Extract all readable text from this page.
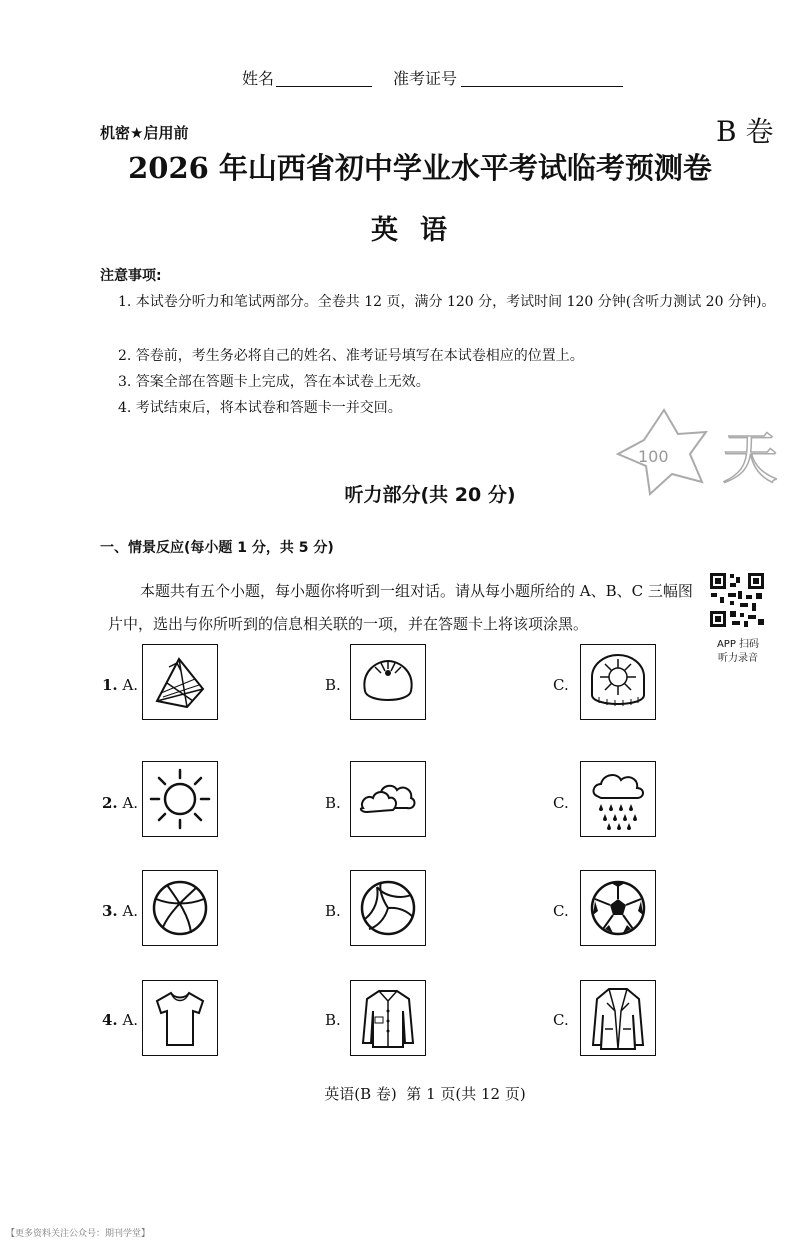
姓名	准考证号
机密★启用前	B 卷
2026 年山西省初中学业水平考试临考预测卷
英语
注意事项:
1. 本试卷分听力和笔试两部分。全卷共 12 页，满分 120 分，考试时间 120 分钟(含听力测试 20 分钟)。
2. 答卷前，考生务必将自己的姓名、准考证号填写在本试卷相应的位置上。
3. 答案全部在答题卡上完成，答在本试卷上无效。
4. 考试结束后，将本试卷和答题卡一并交回。
100 天
听力部分(共 20 分)
一、情景反应(每小题 1 分，共 5 分)
本题共有五个小题，每小题你将听到一组对话。请从每小题所给的 A、B、C 三幅图片中，选出与你所听到的信息相关联的一项，并在答题卡上将该项涂黑。
APP 扫码
听力录音
1. A.	B.	C.
2. A.	B.	C.
3. A.	B.	C.
4. A.	B.	C.
英语(B 卷)  第 1 页(共 12 页)
【更多资料关注公众号：期刊学堂】
